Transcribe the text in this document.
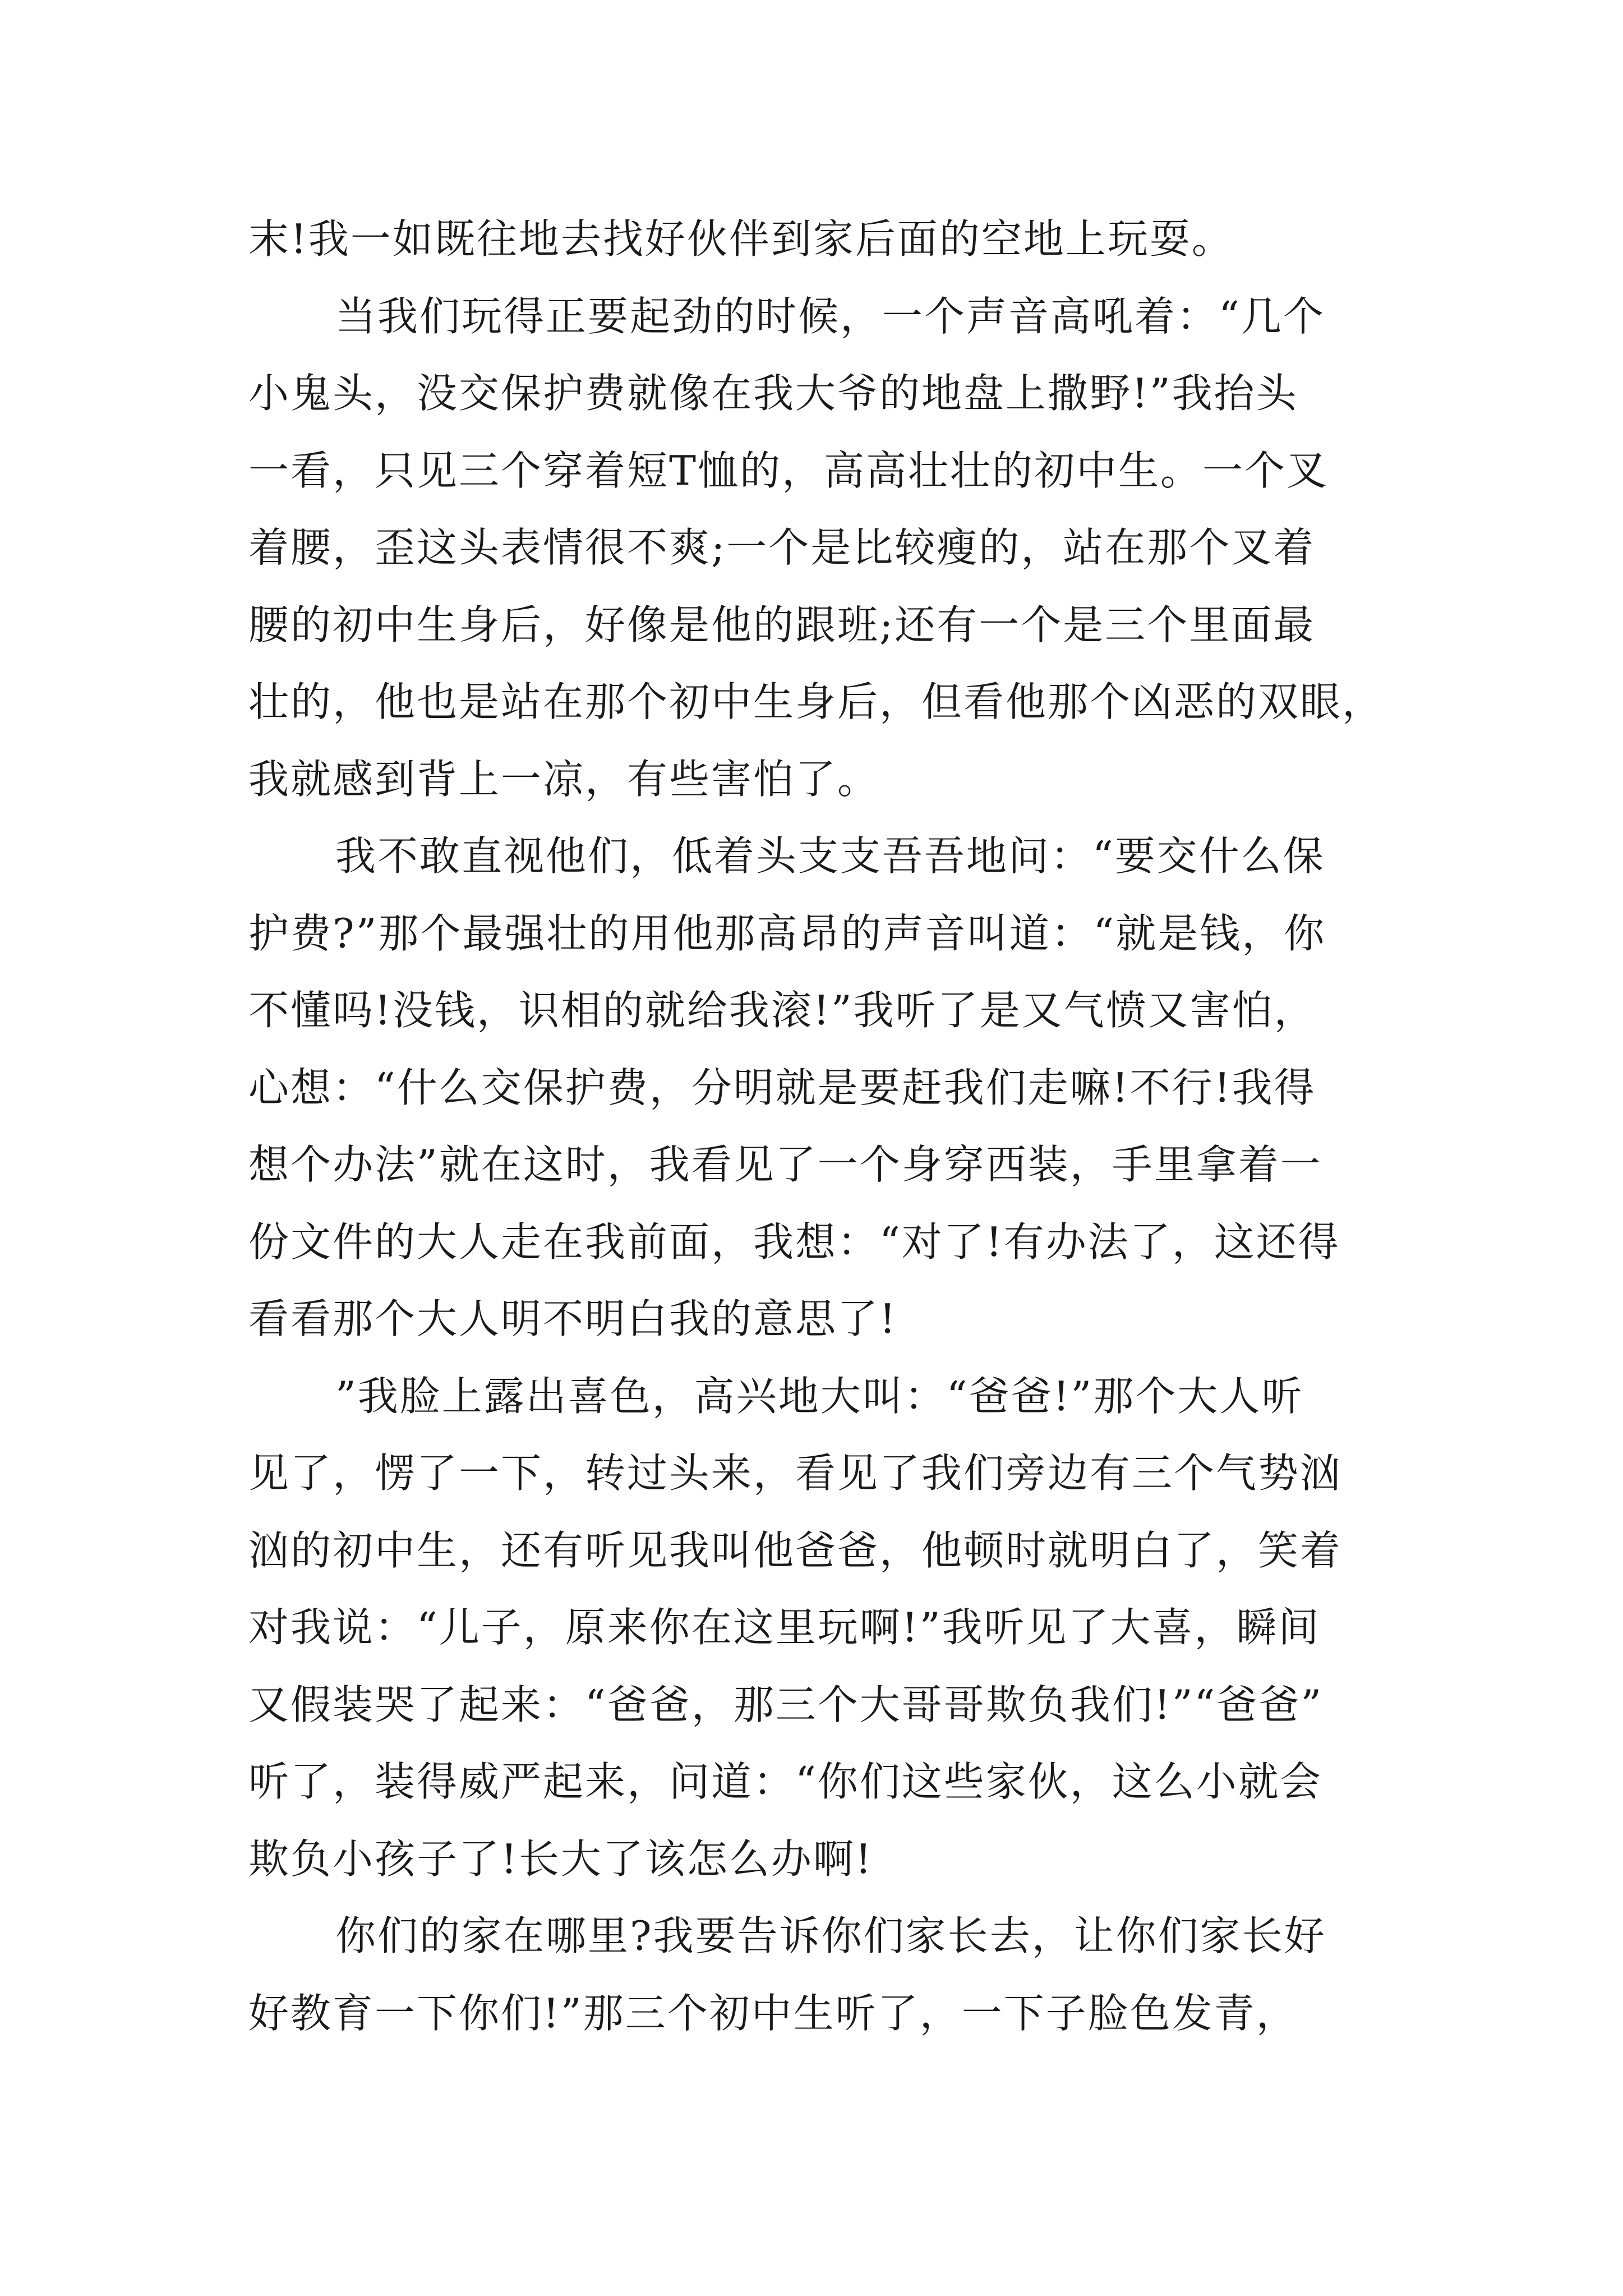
末!我一如既往地去找好伙伴到家后面的空地上玩耍。
当我们玩得正要起劲的时候，一个声音高吼着：“几个
小鬼头，没交保护费就像在我大爷的地盘上撒野!”我抬头
一看，只见三个穿着短T恤的，高高壮壮的初中生。一个叉
着腰，歪这头表情很不爽;一个是比较瘦的，站在那个叉着
腰的初中生身后，好像是他的跟班;还有一个是三个里面最
壮的，他也是站在那个初中生身后，但看他那个凶恶的双眼，
我就感到背上一凉，有些害怕了。
我不敢直视他们，低着头支支吾吾地问：“要交什么保
护费?”那个最强壮的用他那高昂的声音叫道：“就是钱，你
不懂吗!没钱，识相的就给我滚!”我听了是又气愤又害怕，
心想：“什么交保护费，分明就是要赶我们走嘛!不行!我得
想个办法”就在这时，我看见了一个身穿西装，手里拿着一
份文件的大人走在我前面，我想：“对了!有办法了，这还得
看看那个大人明不明白我的意思了!
”我脸上露出喜色，高兴地大叫：“爸爸!”那个大人听
见了，愣了一下，转过头来，看见了我们旁边有三个气势汹
汹的初中生，还有听见我叫他爸爸，他顿时就明白了，笑着
对我说：“儿子，原来你在这里玩啊!”我听见了大喜，瞬间
又假装哭了起来：“爸爸，那三个大哥哥欺负我们!”“爸爸”
听了，装得威严起来，问道：“你们这些家伙，这么小就会
欺负小孩子了!长大了该怎么办啊!
你们的家在哪里?我要告诉你们家长去，让你们家长好
好教育一下你们!”那三个初中生听了，一下子脸色发青，
